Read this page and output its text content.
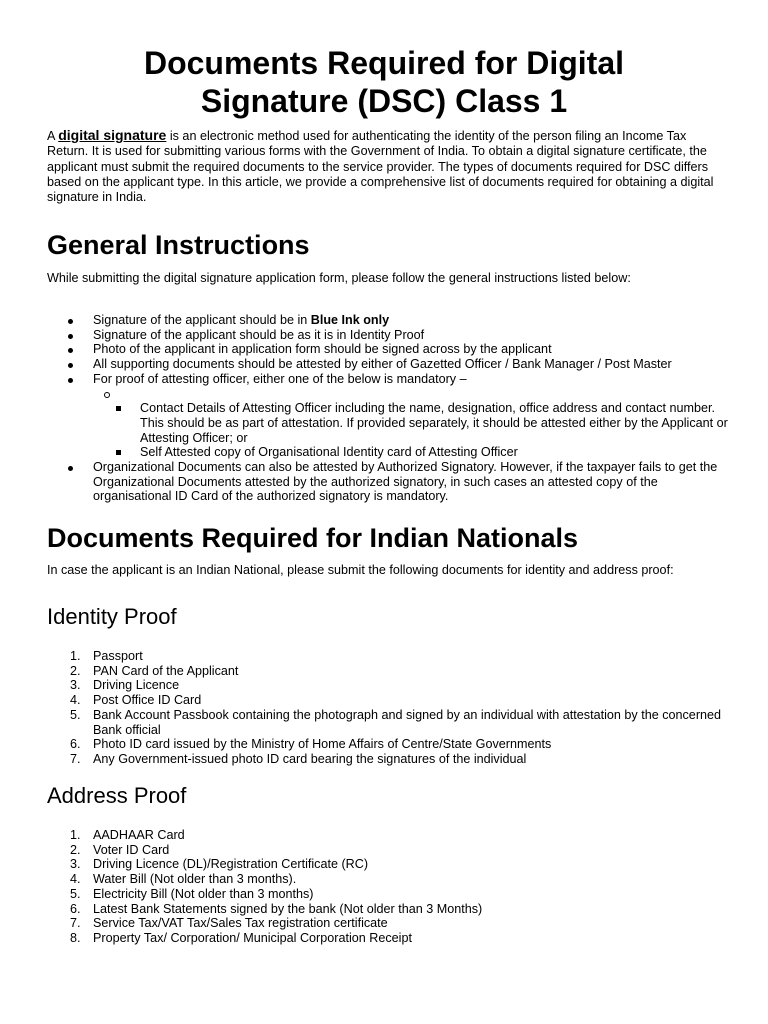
Documents Required for Digital
Signature (DSC) Class 1
A digital signature is an electronic method used for authenticating the identity of the person filing an Income Tax Return. It is used for submitting various forms with the Government of India. To obtain a digital signature certificate, the applicant must submit the required documents to the service provider. The types of documents required for DSC differs based on the applicant type. In this article, we provide a comprehensive list of documents required for obtaining a digital signature in India.
General Instructions
While submitting the digital signature application form, please follow the general instructions listed below:
Signature of the applicant should be in Blue Ink only
Signature of the applicant should be as it is in Identity Proof
Photo of the applicant in application form should be signed across by the applicant
All supporting documents should be attested by either of Gazetted Officer / Bank Manager / Post Master
For proof of attesting officer, either one of the below is mandatory –
Contact Details of Attesting Officer including the name, designation, office address and contact number. This should be as part of attestation. If provided separately, it should be attested either by the Applicant or Attesting Officer; or
Self Attested copy of Organisational Identity card of Attesting Officer
Organizational Documents can also be attested by Authorized Signatory. However, if the taxpayer fails to get the Organizational Documents attested by the authorized signatory, in such cases an attested copy of the organisational ID Card of the authorized signatory is mandatory.
Documents Required for Indian Nationals
In case the applicant is an Indian National, please submit the following documents for identity and address proof:
Identity Proof
1. Passport
2. PAN Card of the Applicant
3. Driving Licence
4. Post Office ID Card
5. Bank Account Passbook containing the photograph and signed by an individual with attestation by the concerned Bank official
6. Photo ID card issued by the Ministry of Home Affairs of Centre/State Governments
7. Any Government-issued photo ID card bearing the signatures of the individual
Address Proof
1. AADHAAR Card
2. Voter ID Card
3. Driving Licence (DL)/Registration Certificate (RC)
4. Water Bill (Not older than 3 months).
5. Electricity Bill (Not older than 3 months)
6. Latest Bank Statements signed by the bank (Not older than 3 Months)
7. Service Tax/VAT Tax/Sales Tax registration certificate
8. Property Tax/ Corporation/ Municipal Corporation Receipt
